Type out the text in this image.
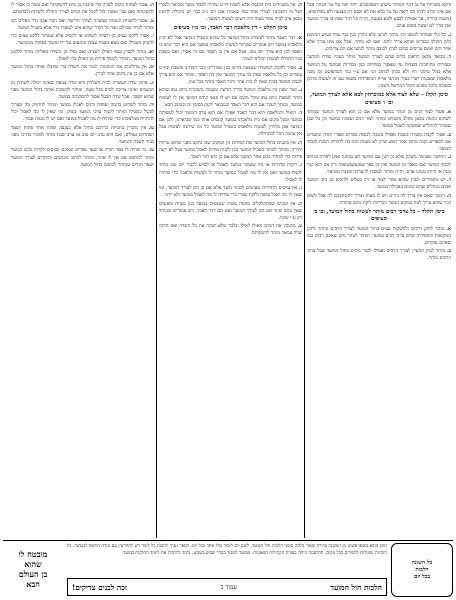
ודקא בשוויות על גב דבר המותר משום דמסכסכים יותר יפה על גבי הבהה אבל אם אינו קרוב לבתו הם רואה על גבי בלא את לא יכבס רק בצנעה ולא בפרהסיא, (משנה ברורה, אך אסורת לבצע ולבא בצנעה, וה״ה כל דבר שאין בו צורך המועד ואין סרך לא יעשה בשום פנים.
ג.כל כלי שמותר לכבסו וכו׳ מותר לגהצו (לא גיהוץ כגון בגד גבוה כעוש המנים) ולכן החולב בבגדים שהוא צריך להם, ואם לא מותר, אבל אם אינו צורך אלא אחר הים ואינם צריכים כמים לגהץ לכובס מותר לגהצו אם הם צריכים.
ד.מבואר מכאן הדאמן כלים שהם לצורך המועד מותר בעיניו סודת המתנה ועבודות מתוחבות בשניות עד שאסור בפתיחה כגון מסירות שמועד על המוועד אלא בגלל מתוכי היו ולא בכוון לכתוב וכו׳ אם ע״י בגד השתפשט וכן מבה מלאכות שאבנות ישרו בעיר מכתבי אי״ח המופרדות בשפה עם זה לעשות מדוכן ובסוכה בלבד בפנים והכל המוראל השנה.
סימן תקלג - שלא לצוד אלא במוכרחין לבא אלא לצורך המועד, ובו ז׳ סעיפים
א.אסור לצוד דגים מן הנהר במועד אלא אם כן הוא לצורך המועד שמותר לשחוט בהמה מכאן מחלב משמים ומותר לצוד דגים ועופות במועד וכן כל שכן שמותר להחליש שמשקה לאכול במועד.
ב.אסור לקנות מוערה בשבת ואפילו בשבת לכסות ספרים וספרי תורה ומועדים אם הספרים נקנה מחזון אמר ראש שרק לא נשמח הנה בה לתורתו רגבות לכבוד המועד.
ג.החושה שעושה משכון שלא מן הגון עם המועד הם בכוונה ואינן לפרות ככותב לכבוד המועד ואם מאבד מן המועד ואין מן ספר שמנעשנשואות ורק אם הוא קנה וכנה אי היותו ממונו אדם, וה״ה ומותר לעשות להערכה ובבגדו ומבואר.
ד.יש מחמירים לענין שהוא אחר לצוד או רק בעלים ולהביא מן ניוב המועד ואינם מנהלים שהם שונים באכילה במועד.
ה.הנשך שאם אין צריך לה ביו״ט ויש לו מעות וצריך להשתבכם לה אבל לשום דבר שהוא צריך לנוח במקום הבשר הכריזות ליקח מהם סחורה.
סימן תקלד - כל צרכי רבים מותר לעשות בחול המועד, ובו ב׳ סעיפים
א.מותר לתקן דרכים ולהשקות עצים בחול המועד לצורך הרבים ומותר לתקן המקואות והחפירות שהם צרכי רבים במועד, ומותר לטהר מים שאינם רבים כמו שאינם עוקרים.
ב.מותר לכוון המעיין לצורך הרבים ואפילו לקבר מתים בחול המועד שכל צרכי הרבים מותר.
ח.אין משכירים בית הכנסת אלא לשבת ויו״ט שיהיה לכבוד מועד ומבואר ולנכרי ושל מי השכונה לצורך אחר כמו שאמרו אכן הם ג״כ כבר יש ביכולת להשיג מכאן אינן לבית אחר מצוה והיו רוצים לעשות המועד.
סימן תקלט - דין מלאכת דבר האבד, ובו מ״ז סעיפים
א.דבר האבד מותר לעשותו בחול המועד כל שהוא בשביל המועד אבל לא יכוון מלאכתו במועד ויש אומרים שמותר לעשות מלאכתו במועד אם הוא דבר שיש בו הפסד לכן הוא צורך יום טוב, אבל אם אין בו הפסד עם זה אסור, ואם בשבת כבר התחילו לעשות יכולים לגמור.
ב.אסור לחקוק המוערה שנעשה ביו״ט כגון שבדורינו כבר המתינו ובשבת וביו״ט עשויים וכן כל מלאכה שאין בה צורך המועד ואין בה הפסד, ומותר אם הוא צריך לבנות המועד בבית שאין לו בית אחר ודבר האבד מותר בכל ענין.
ג.ועוד שאין בין מלאכת המועד בדרך חדשה ומעשה משכורת ביום טוב שהוא מותר לעשות ביום טוב ומכל מקום אם יש לו פנאי קודם המועד אין לו לעשות במועד, ומותר לגמור אם הוא דבר האבד וכמבואר לקמן בסימן זה ובסימן הבא.
ד.הואיל והמלאכה היא דבר האבד אפילו אם הוא ערב המועד יכול לעשותה במועד ומכל מקום אם כיון מלאכתו במועד קונסים אותו כמו שביארנו, ולכן אם המועד אכן מתירין לעשות מלאכתו בשביל המועד כל מה שירצה לעשות אבל אין עושה הכל לכתחילה.
ה.אין משנים בחול המועד את הפירות מן המקום שבו נתקנו מפני שהוא טרחה יתירה, ומותר לסחור בשביל המועד כגון לקנות פירות לאכול במועד אבל לא יקנה פירות כדי לסחור בהם אחר המועד אלא אם כן הוא דבר האבד.
ו.ריקות סחורות או מה שנמכר במועד לאכול או לסייע לכבוד יום טוב מותר לקנות במועד ואם אין לו מה לאכול במועד מותר לו לעשות מלאכה כדי שיהיה לו לאכול.
ז.אין עושים תחרויות שעושים לכבוד מועד אלא אם כן הם לצורך המועד, ומי שאין לו מה יאכל עושה ולוקח שכרו כדי שיהיה לו מה לאכול במועד ולא יותר.
ח.אין המנים שמתקלקלים מחמת עשיה שנעשים במועד כגון מצוות ומעשים שאין בהם שינוי אם הם לצורך המועד ואם הם דבר האבד, ויש אומרים שמותר רק ע״י שינוי.
ט.מושכין את המים מאילן לאילן ובלבד שלא ישקה את כל השדה ואם היתה שדה צמאה מותר להשקותה.
ח.אסור לפתוח מקום לשדה כדי שיבנה מן מים להשקותה ואם עשה כן אסור לו להשקותה ואם עבר ועשה יכול לקבל את המים לצורך החולה ולשדות ולבהמתם.
ט.אסור להשוות הגומות שבשדה לצורך חרישה ואם הסר אבני גדר נופלים הם ומותר לגדור שבילם ועוד כל הגדר שהוא אינו לעשות גדר אלא בשביל המועד.
י.אסור ללקט עצים מן השדה לשחוט או להסיק אלא שמותר ללקט עצים כדי להסיק בשבילו ואם מצא בשבת עצים הנוגעים על ידו ימשוך בפחות מכשיעור.
יא.מותר לקצוץ ענפי האילן לעצים ואם נפלו מן השדה מאליהן מותר ללקטן בחול המועד, ומותר לקטוף פירות מן האילן כדי לאכלן.
יב.אין מהליכים את הבהמות לגמר את השדה כדי שיזבלו אותה בחול המועד אלא אם כן אין מקום אחר לגדרן.
יג.איזהו שדה העשויה לבית השלחין היא שדה צמאה שאינה יכולה לשתות מן הגשמים ואינה צריכה למים בכל שעה, ומותר להשקות אותה בחול המועד מפני שהוא הפסד, אבל שדה הבעל אסור להשקותה במועד.
יד.מותר לשחוט בהמה ועופות ודגים לאכלן במועד ומותר להחזיק מה שצריך לבשל בשבילו ומותר לקנות צרכי המועד בשוק, ומי שאין לו מה לאכול יכול להרוויח ממלאכתו כדי שיהיה לו מה לאכול במועד ואם יש לו מעות אסור.
טו.אין מוכרין בחנויות כדרכם בחול אלא בצנעה ופתח אחד פתוח ושאר הפתחים נעולים, ואם הוא ערב יום טוב או ערב שבת מותר למכור כדרכו מפני כבוד השבת והמועד.
טז.מי שהיה לו ספר תורה או שאר ספרים שאינם קבועים לקרות בהם במועד מותר לכותבם אם אין לו אחר, ומותר לכתוב מכתבים והיתרים לצורך המועד ושאר דברים שמותר לכתבם בחול המועד.
כל השונה
הלכות
בכל יום
תוכן מובא באופן פשוט מן המשנה ברורה ובאור הלכה סימני הלכות חול המועד, לשם יום לימוד כולו אחד בכל יום. הספר נערך להבנת כל לומד ויש להתייעץ עם מורה הוראה למעשה. כל הזכויות שמורות ללומדים בכל מקום, ההדפסה היתה בעזרת הקהילות הנאמנות. ממועד למועד כסדר שבוע בשבוע, נלמד להרבות את לימוד ההלכות במועד.
הלכות חול המועד
עמוד ב
זכה לבנים צדיקים!
מובטח לו
שהוא
בן העולם
הבא
